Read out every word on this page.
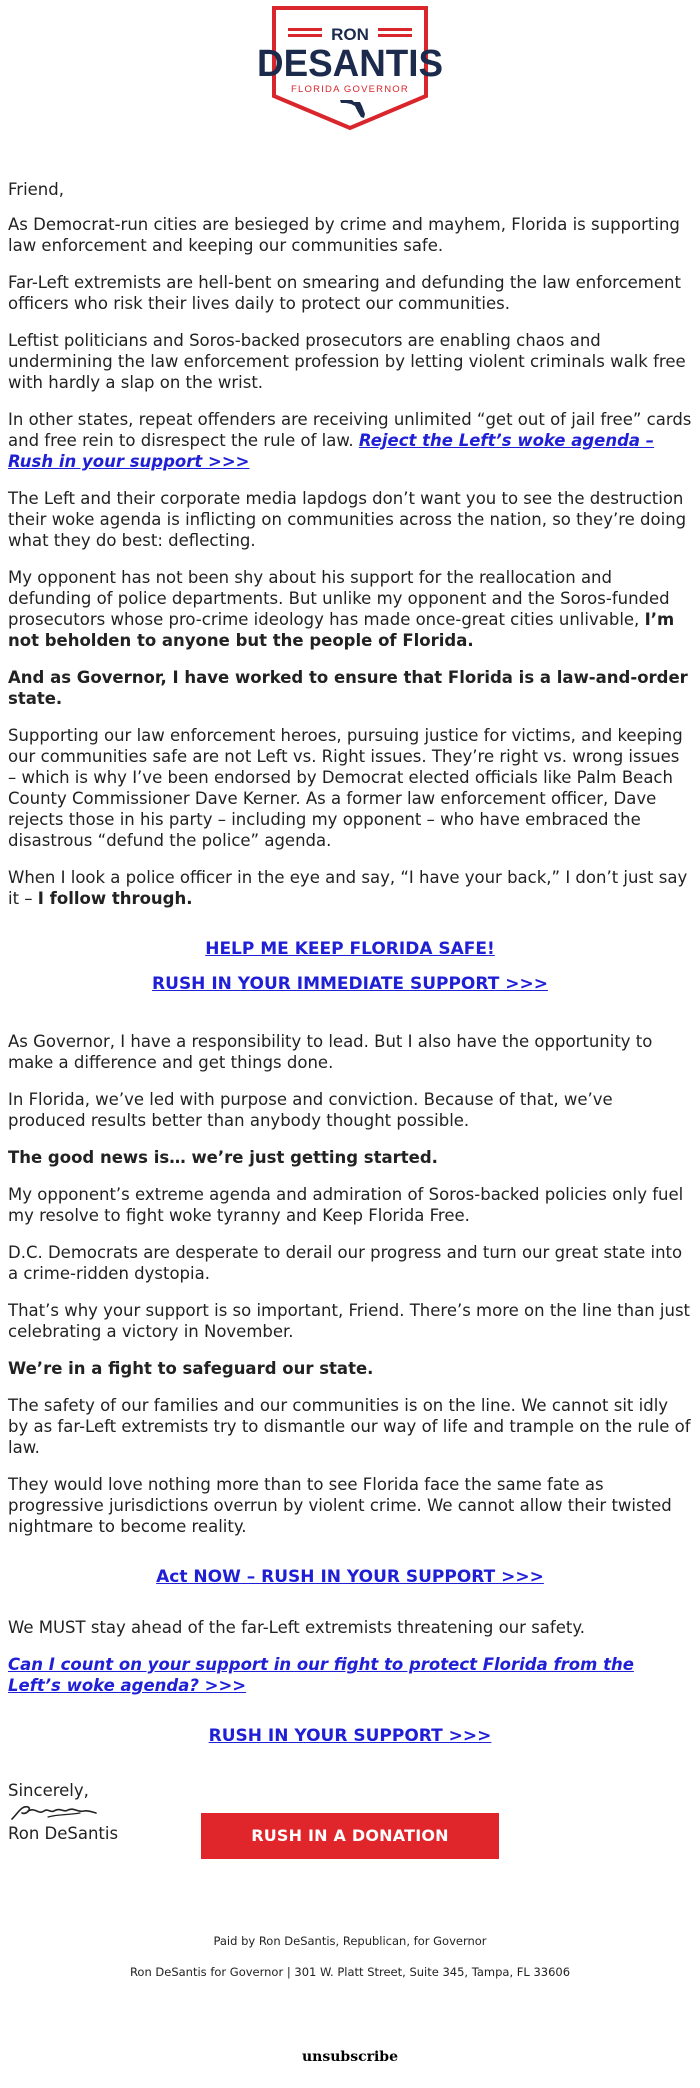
RON
DESANTIS
FLORIDA GOVERNOR

Friend,

As Democrat-run cities are besieged by crime and mayhem, Florida is supporting law enforcement and keeping our communities safe.

Far-Left extremists are hell-bent on smearing and defunding the law enforcement officers who risk their lives daily to protect our communities.

Leftist politicians and Soros-backed prosecutors are enabling chaos and undermining the law enforcement profession by letting violent criminals walk free with hardly a slap on the wrist.

In other states, repeat offenders are receiving unlimited “get out of jail free” cards and free rein to disrespect the rule of law. Reject the Left’s woke agenda – Rush in your support >>>

The Left and their corporate media lapdogs don’t want you to see the destruction their woke agenda is inflicting on communities across the nation, so they’re doing what they do best: deflecting.

My opponent has not been shy about his support for the reallocation and defunding of police departments. But unlike my opponent and the Soros-funded prosecutors whose pro-crime ideology has made once-great cities unlivable, I’m not beholden to anyone but the people of Florida.

And as Governor, I have worked to ensure that Florida is a law-and-order state.

Supporting our law enforcement heroes, pursuing justice for victims, and keeping our communities safe are not Left vs. Right issues. They’re right vs. wrong issues – which is why I’ve been endorsed by Democrat elected officials like Palm Beach County Commissioner Dave Kerner. As a former law enforcement officer, Dave rejects those in his party – including my opponent – who have embraced the disastrous “defund the police” agenda.

When I look a police officer in the eye and say, “I have your back,” I don’t just say it – I follow through.

HELP ME KEEP FLORIDA SAFE!

RUSH IN YOUR IMMEDIATE SUPPORT >>>

As Governor, I have a responsibility to lead. But I also have the opportunity to make a difference and get things done.

In Florida, we’ve led with purpose and conviction. Because of that, we’ve produced results better than anybody thought possible.

The good news is… we’re just getting started.

My opponent’s extreme agenda and admiration of Soros-backed policies only fuel my resolve to fight woke tyranny and Keep Florida Free.

D.C. Democrats are desperate to derail our progress and turn our great state into a crime-ridden dystopia.

That’s why your support is so important, Friend. There’s more on the line than just celebrating a victory in November.

We’re in a fight to safeguard our state.

The safety of our families and our communities is on the line. We cannot sit idly by as far-Left extremists try to dismantle our way of life and trample on the rule of law.

They would love nothing more than to see Florida face the same fate as progressive jurisdictions overrun by violent crime. We cannot allow their twisted nightmare to become reality.

Act NOW – RUSH IN YOUR SUPPORT >>>

We MUST stay ahead of the far-Left extremists threatening our safety.

Can I count on your support in our fight to protect Florida from the Left’s woke agenda? >>>

RUSH IN YOUR SUPPORT >>>

Sincerely,
Ron DeSantis	RUSH IN A DONATION
Paid by Ron DeSantis, Republican, for Governor
Ron DeSantis for Governor | 301 W. Platt Street, Suite 345, Tampa, FL 33606
unsubscribe
